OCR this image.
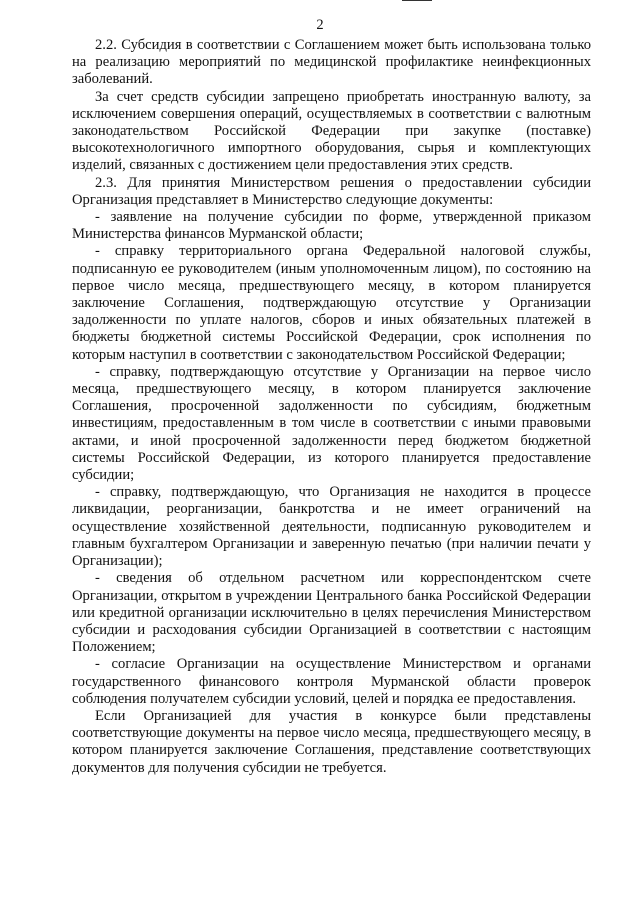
2

2.2. Субсидия в соответствии с Соглашением может быть использована только на реализацию мероприятий по медицинской профилактике неинфекционных заболеваний.

За счет средств субсидии запрещено приобретать иностранную валюту, за исключением совершения операций, осуществляемых в соответствии с валютным законодательством Российской Федерации при закупке (поставке) высокотехнологичного импортного оборудования, сырья и комплектующих изделий, связанных с достижением цели предоставления этих средств.

2.3. Для принятия Министерством решения о предоставлении субсидии Организация представляет в Министерство следующие документы:

- заявление на получение субсидии по форме, утвержденной приказом Министерства финансов Мурманской области;

- справку территориального органа Федеральной налоговой службы, подписанную ее руководителем (иным уполномоченным лицом), по состоянию на первое число месяца, предшествующего месяцу, в котором планируется заключение Соглашения, подтверждающую отсутствие у Организации задолженности по уплате налогов, сборов и иных обязательных платежей в бюджеты бюджетной системы Российской Федерации, срок исполнения по которым наступил в соответствии с законодательством Российской Федерации;

- справку, подтверждающую отсутствие у Организации на первое число месяца, предшествующего месяцу, в котором планируется заключение Соглашения, просроченной задолженности по субсидиям, бюджетным инвестициям, предоставленным в том числе в соответствии с иными правовыми актами, и иной просроченной задолженности перед бюджетом бюджетной системы Российской Федерации, из которого планируется предоставление субсидии;

- справку, подтверждающую, что Организация не находится в процессе ликвидации, реорганизации, банкротства и не имеет ограничений на осуществление хозяйственной деятельности, подписанную руководителем и главным бухгалтером Организации и заверенную печатью (при наличии печати у Организации);

- сведения об отдельном расчетном или корреспондентском счете Организации, открытом в учреждении Центрального банка Российской Федерации или кредитной организации исключительно в целях перечисления Министерством субсидии и расходования субсидии Организацией в соответствии с настоящим Положением;

- согласие Организации на осуществление Министерством и органами государственного финансового контроля Мурманской области проверок соблюдения получателем субсидии условий, целей и порядка ее предоставления.

Если Организацией для участия в конкурсе были представлены соответствующие документы на первое число месяца, предшествующего месяцу, в котором планируется заключение Соглашения, представление соответствующих документов для получения субсидии не требуется.
